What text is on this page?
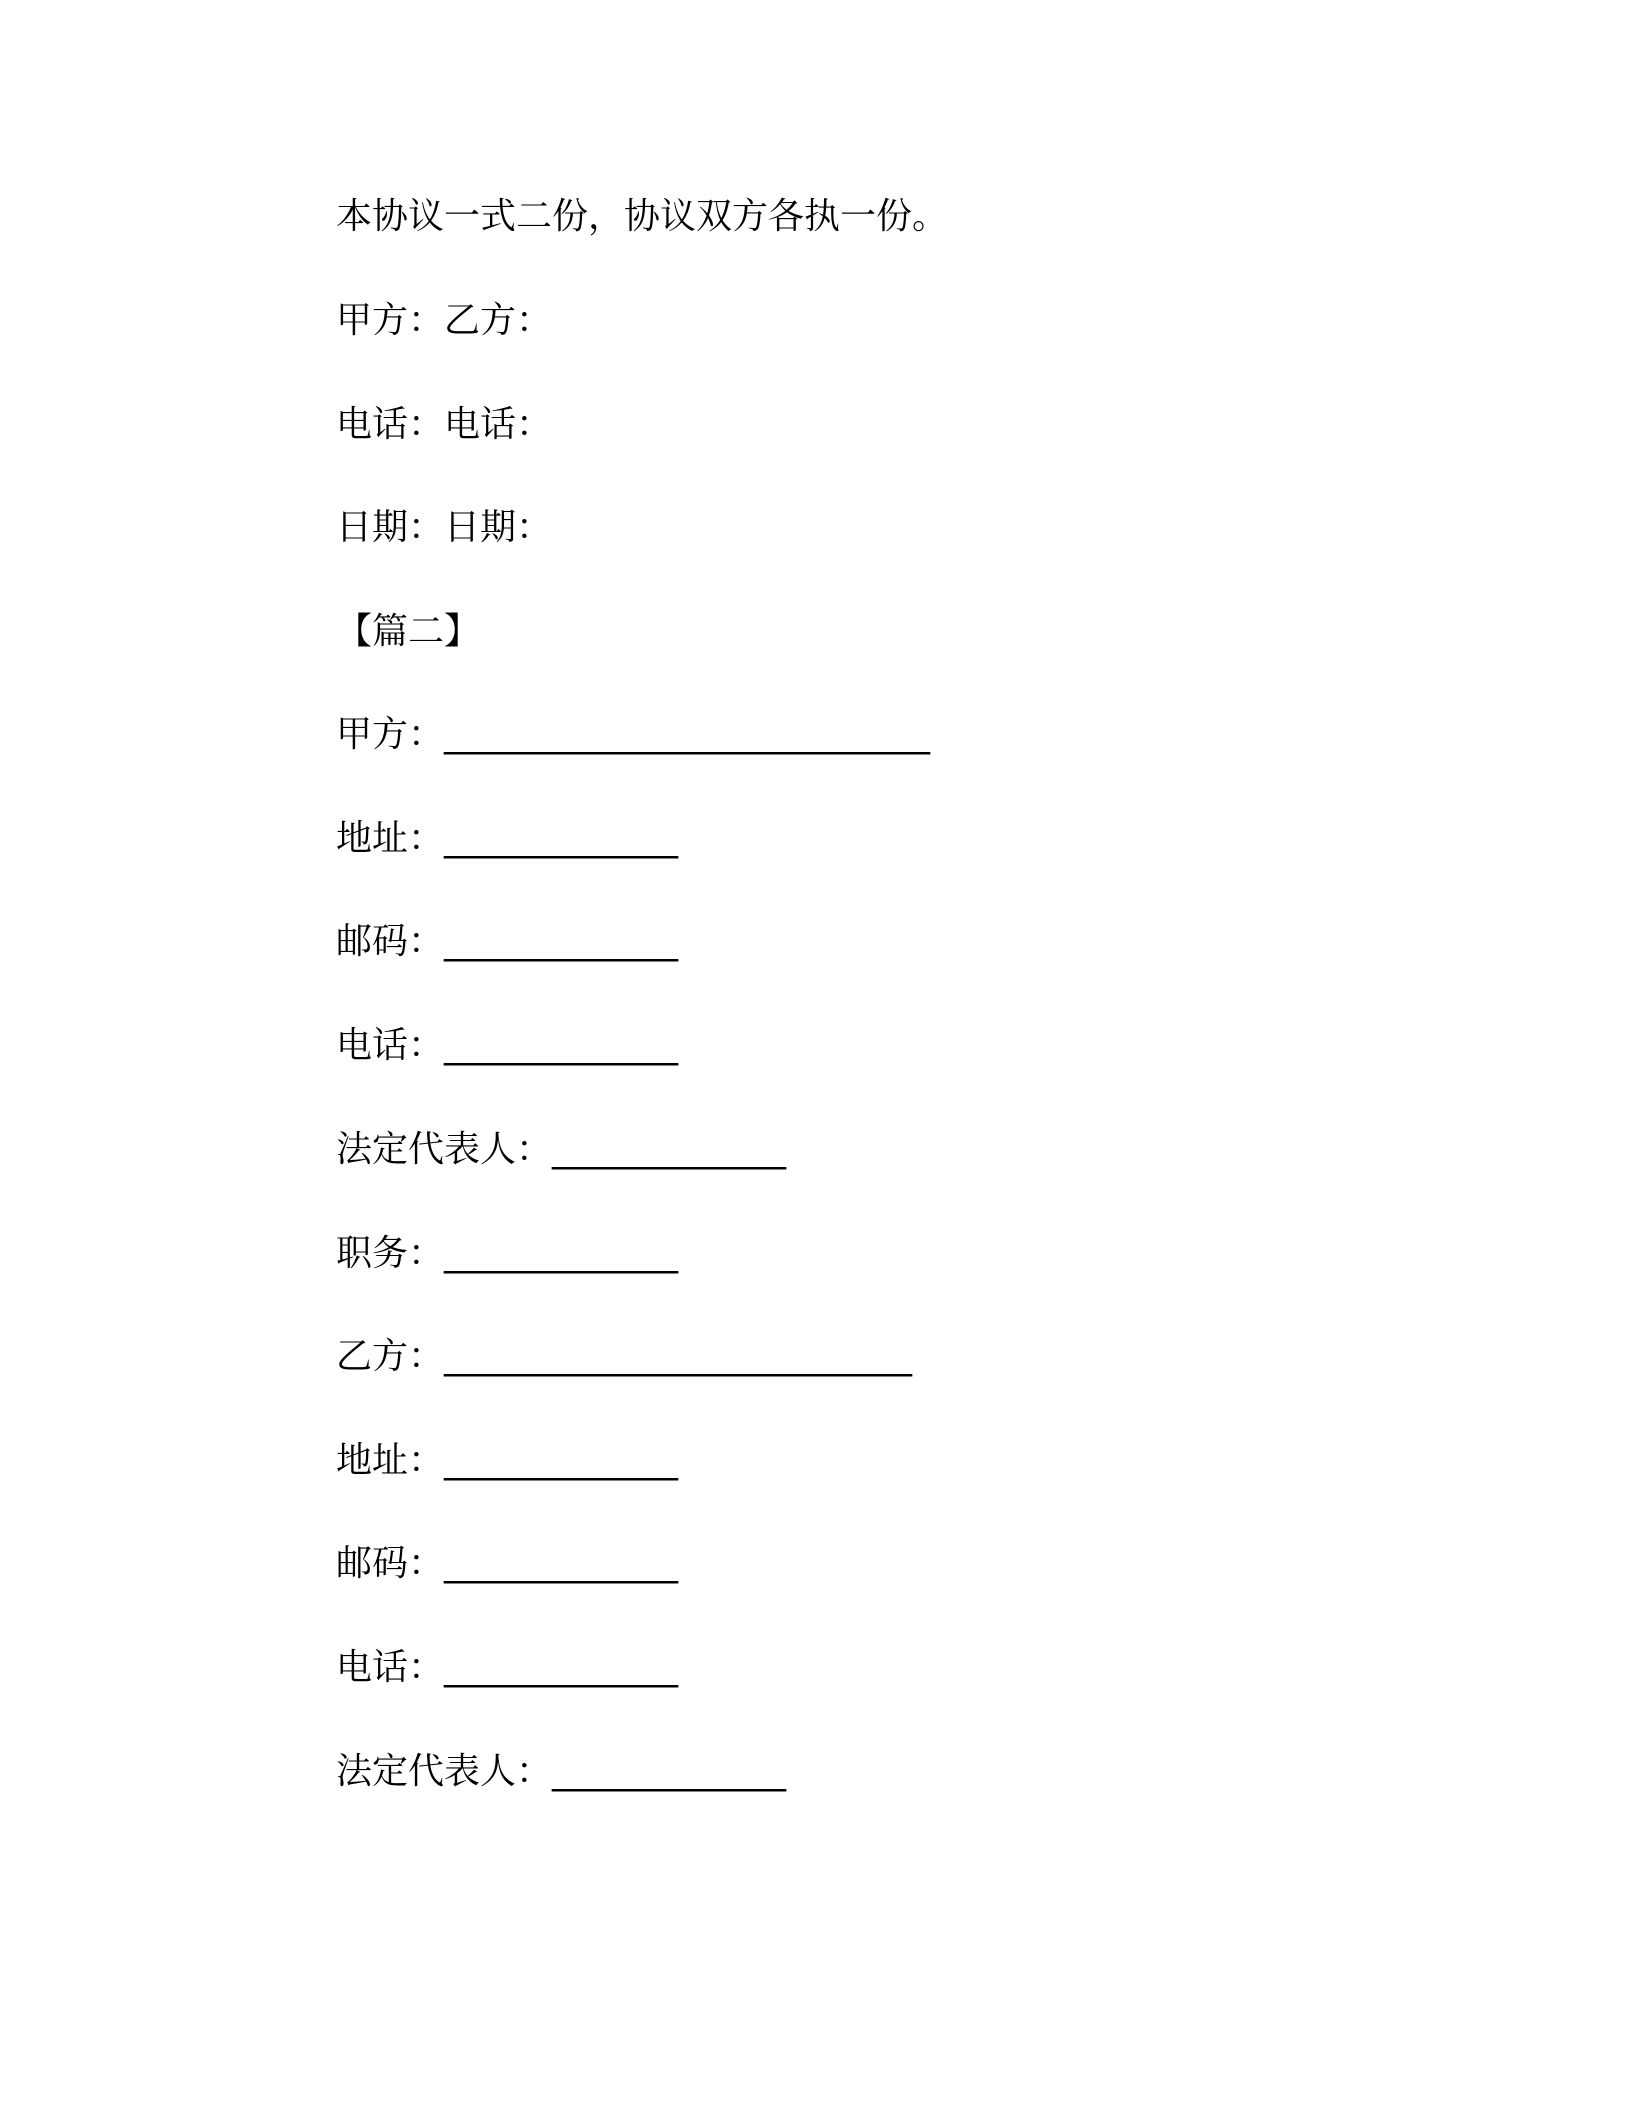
本协议一式二份，协议双方各执一份。

甲方：乙方：

电话：电话：

日期：日期：

【篇二】

甲方：___________________________

地址：_____________

邮码：_____________

电话：_____________

法定代表人：_____________

职务：_____________

乙方：__________________________

地址：_____________

邮码：_____________

电话：_____________

法定代表人：_____________
